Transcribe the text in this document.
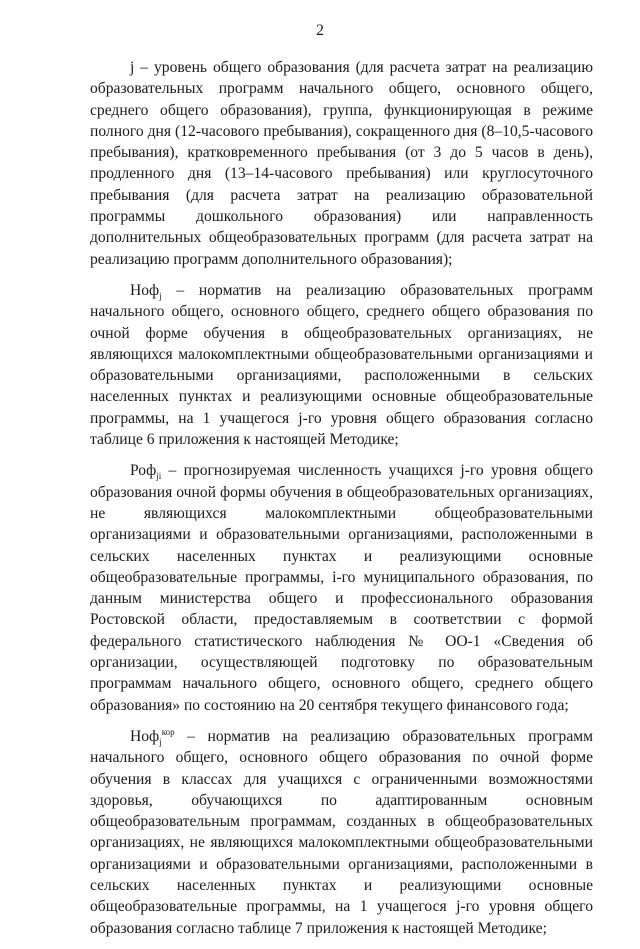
2

j – уровень общего образования (для расчета затрат на реализацию образовательных программ начального общего, основного общего, среднего общего образования), группа, функционирующая в режиме полного дня (12-часового пребывания), сокращенного дня (8–10,5-часового пребывания), кратковременного пребывания (от 3 до 5 часов в день), продленного дня (13–14-часового пребывания) или круглосуточного пребывания (для расчета затрат на реализацию образовательной программы дошкольного образования) или направленность дополнительных общеобразовательных программ (для расчета затрат на реализацию программ дополнительного образования);

Ноф$_j$ – норматив на реализацию образовательных программ начального общего, основного общего, среднего общего образования по очной форме обучения в общеобразовательных организациях, не являющихся малокомплектными общеобразовательными организациями и образовательными организациями, расположенными в сельских населенных пунктах и реализующими основные общеобразовательные программы, на 1 учащегося j-го уровня общего образования согласно таблице 6 приложения к настоящей Методике;

Роф$_{ji}$ – прогнозируемая численность учащихся j-го уровня общего образования очной формы обучения в общеобразовательных организациях, не являющихся малокомплектными общеобразовательными организациями и образовательными организациями, расположенными в сельских населенных пунктах и реализующими основные общеобразовательные программы, i-го муниципального образования, по данным министерства общего и профессионального образования Ростовской области, предоставляемым в соответствии с формой федерального статистического наблюдения № ОО-1 «Сведения об организации, осуществляющей подготовку по образовательным программам начального общего, основного общего, среднего общего образования» по состоянию на 20 сентября текущего финансового года;

Ноф$_j^{кор}$ – норматив на реализацию образовательных программ начального общего, основного общего образования по очной форме обучения в классах для учащихся с ограниченными возможностями здоровья, обучающихся по адаптированным основным общеобразовательным программам, созданных в общеобразовательных организациях, не являющихся малокомплектными общеобразовательными организациями и образовательными организациями, расположенными в сельских населенных пунктах и реализующими основные общеобразовательные программы, на 1 учащегося j-го уровня общего образования согласно таблице 7 приложения к настоящей Методике;
